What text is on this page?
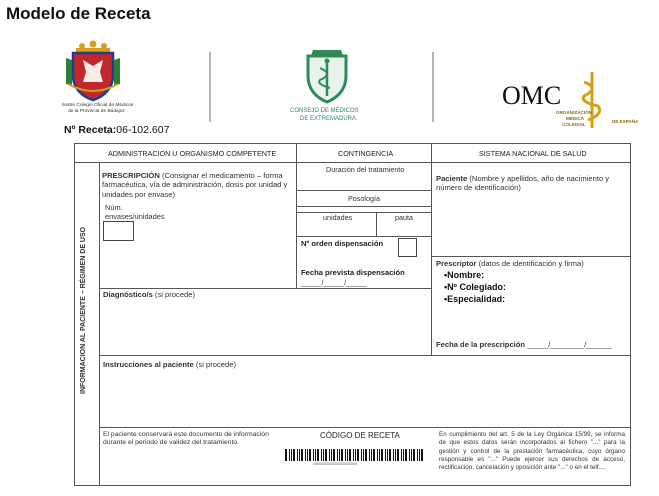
Modelo de Receta
Ilustre Colegio Oficial de Médicos
de la Provincia de Badajoz	CONSEJO DE MÉDICOS
DE EXTREMADURA
OMC
ORGANIZACIÓN
MÉDICA
COLEGIAL
DE ESPAÑA
Nº Receta:06-102.607
ADMINISTRACION U ORGANISMO COMPETENTE	CONTINGENCIA	SISTEMA NACIONAL DE SALUD
INFORMACION AL PACIENTE – RÉGIMEN DE USO
PRESCRIPCIÓN (Consignar el medicamento – forma farmacéutica, vía de administración, dosis por unidad y unidades por envase)
Núm.
envases/unidades
Duración del tratamiento
Posología
unidades	pauta
Nº orden dispensación
Fecha prevista dispensación
_____/_____/_____
Paciente (Nombre y apellidos, año de nacimiento y número de identificación)
Prescriptor (datos de identificación y firma)
•Nombre:
•Nº Colegiado:
•Especialidad:
Diagnóstico/s (si procede)
Fecha de la prescripción _____/________/______
Instrucciones al paciente (si procede)
El paciente conservará este documento de información durante el periodo de validez del tratamiento.
CÓDIGO DE RECETA
0000000000000000000000
En cumplimiento del art. 5 de la Ley Orgánica 15/99, se informa de que estos datos serán incorporados al fichero "..." para la gestión y control de la prestación farmacéutica, cuyo órgano responsable es "..." Puede ejercer sus derechos de acceso, rectificación, cancelación y oposición ante "..." o en el telf....
